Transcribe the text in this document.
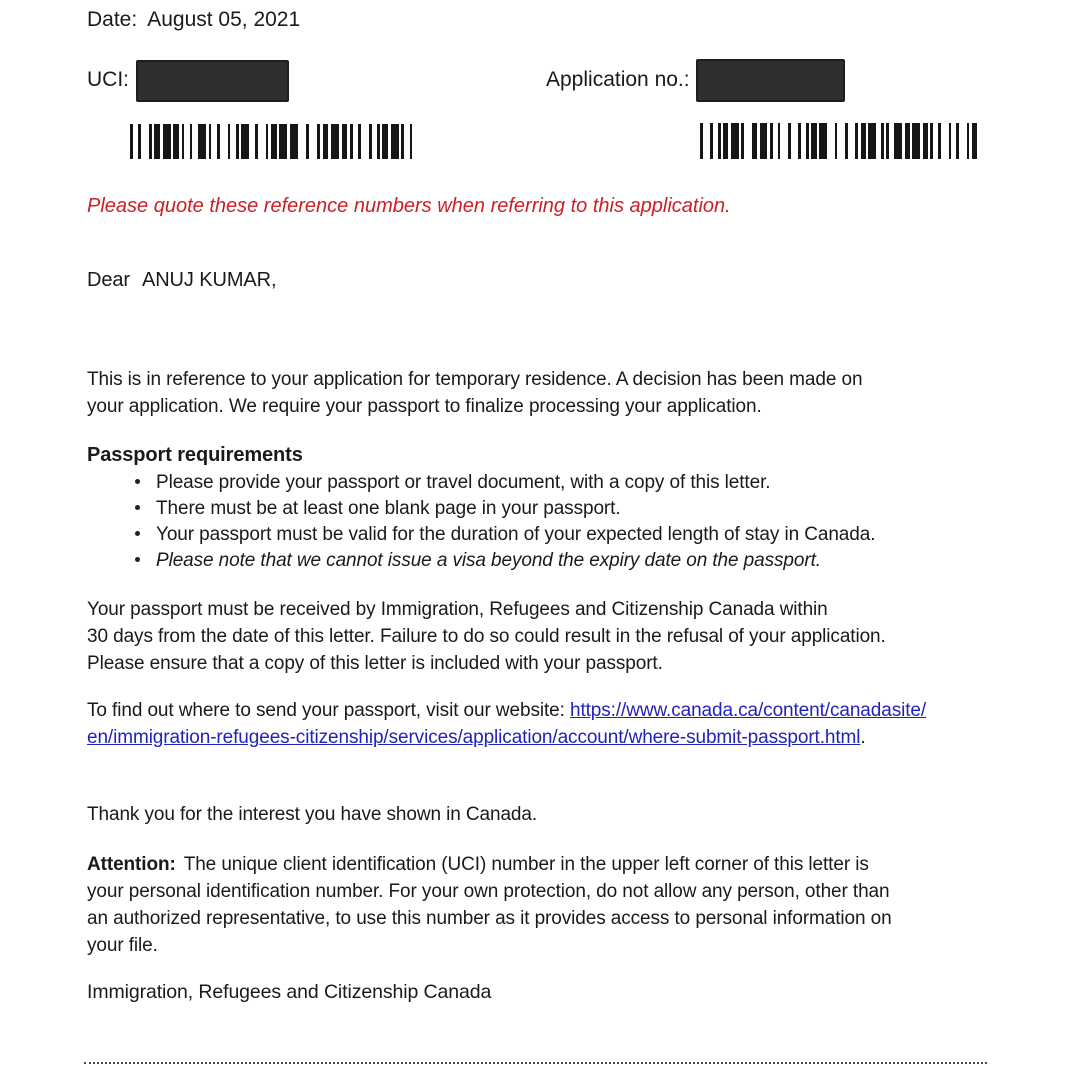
Date: August 05, 2021
UCI:	Application no.:
Please quote these reference numbers when referring to this application.
Dear ANUJ KUMAR,
This is in reference to your application for temporary residence. A decision has been made on
your application. We require your passport to finalize processing your application.
Passport requirements
Please provide your passport or travel document, with a copy of this letter.
There must be at least one blank page in your passport.
Your passport must be valid for the duration of your expected length of stay in Canada.
Please note that we cannot issue a visa beyond the expiry date on the passport.
Your passport must be received by Immigration, Refugees and Citizenship Canada within
30 days from the date of this letter. Failure to do so could result in the refusal of your application.
Please ensure that a copy of this letter is included with your passport.
To find out where to send your passport, visit our website: https://www.canada.ca/content/canadasite/
en/immigration-refugees-citizenship/services/application/account/where-submit-passport.html.
Thank you for the interest you have shown in Canada.
Attention: The unique client identification (UCI) number in the upper left corner of this letter is
your personal identification number. For your own protection, do not allow any person, other than
an authorized representative, to use this number as it provides access to personal information on
your file.
Immigration, Refugees and Citizenship Canada
